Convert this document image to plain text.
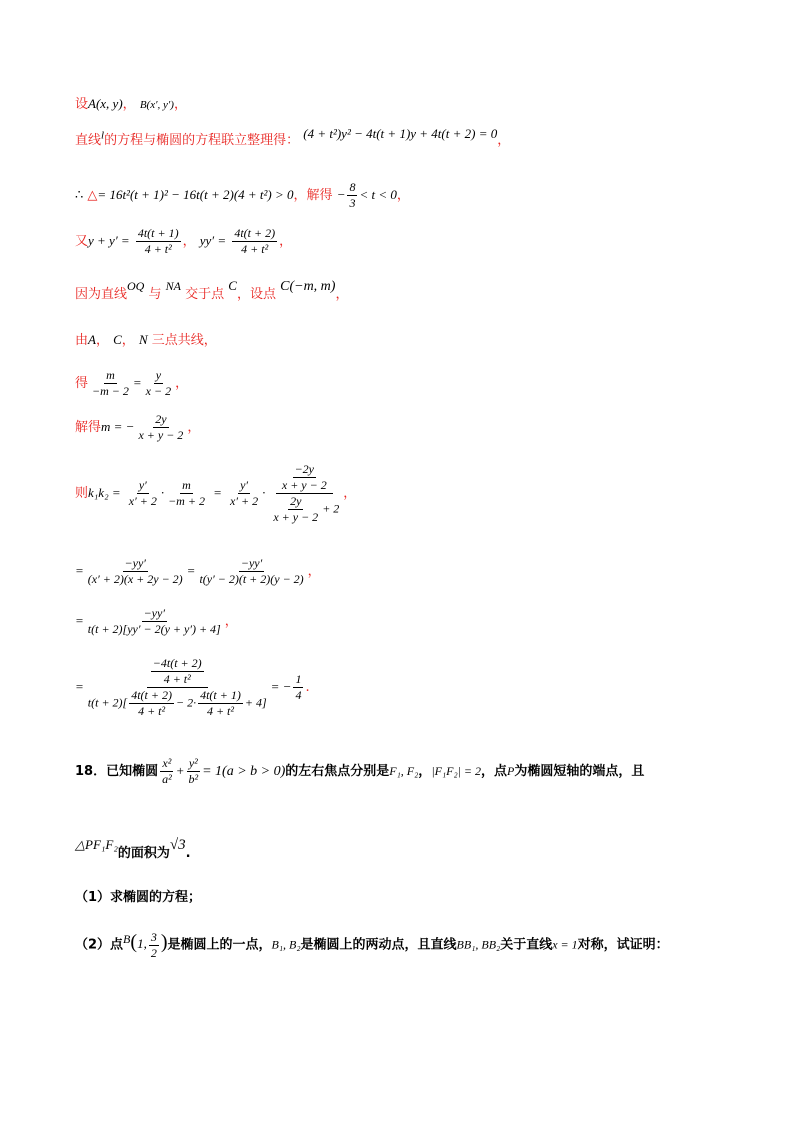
设A(x, y)， B(x′, y′)，
直线$^l$的方程与椭圆的方程联立整理得： (4 + t²)y² − 4t(t + 1)y + 4t(t + 2) = 0，
∴ △= 16t²(t + 1)² − 16t(t + 2)(4 + t²) > 0，解得 − $\frac{8}{3} < t < 0$，
又$y + y' = \frac{4t(t + 1)}{\text{4 + t²}}$ ， $yy' = \frac{4t(t + 2)}{\text{4 + t²}}$ ，
因为直线OQ 与 NA 交于点 C，设点 C(−m, m)，
由A， C， N 三点共线，
得 $\frac{m}{-m - 2} = \frac{y}{x - 2}$ ，
解得m = − $\frac{2y}{x + y - 2}$ ，
则$k_1k_2 = \frac{y'}{x' + 2} \cdot \frac{m}{-m + 2} = \frac{y'}{x' + 2} \cdot \frac{\frac{-2y}{x + y - 2}}{\frac{2y}{x + y - 2} + 2}$ ，
= $\frac{-yy'}{(x' + 2)(x + 2y - 2)} = \frac{-yy'}{t(y' - 2)(t + 2)(y - 2)}$ ，
= $\frac{-yy'}{t(t + 2)[yy' - 2(y + y') + 4]}$ ，
= $\frac{\frac{-4t(t + 2)}{\text{4 + t²}}}{t(t + 2)[ \frac{4t(t + 2)}{\text{4 + t²}} - 2\cdot \frac{4t(t + 1)}{\text{4 + t²}} + 4]}$ = − $\frac{1}{4}$ .
18．已知椭圆 $\frac{\text{x²}}{\text{a²}} + \frac{\text{y²}}{\text{b²}} = 1(a > b > 0)$的左右焦点分别是F₁, F₂，|F₁F₂| = 2，点P为椭圆短轴的端点，且
△PF₁F₂的面积为√3.
（1）求椭圆的方程；
（2）点$^B$(1, $\frac{3}{2}$ )是椭圆上的一点，B₁, B₂是椭圆上的两动点，且直线BB₁, BB₂关于直线x = 1对称，试证明：
